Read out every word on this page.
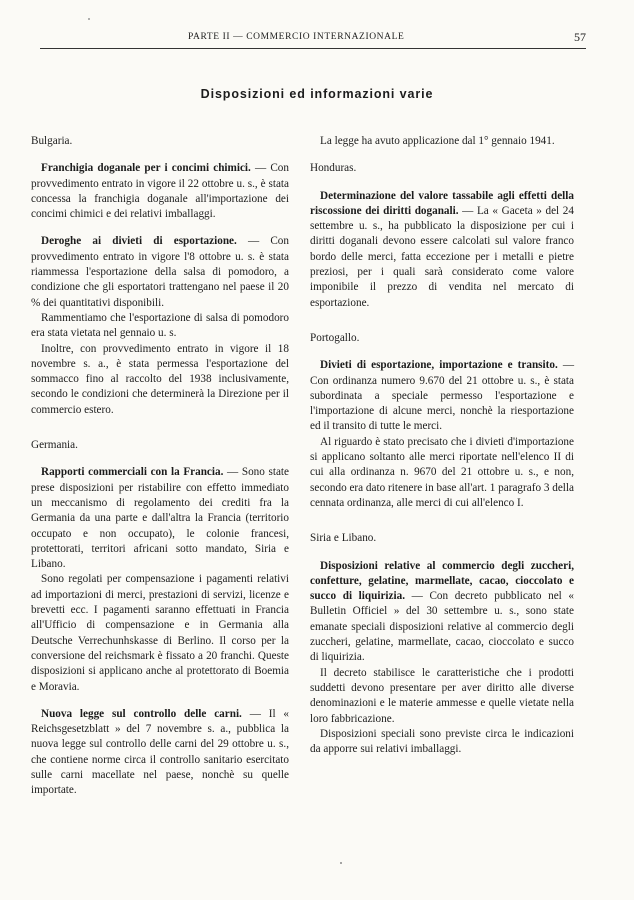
PARTE II — COMMERCIO INTERNAZIONALE	57
Disposizioni ed informazioni varie
Bulgaria.

Franchigia doganale per i concimi chimici. — Con provvedimento entrato in vigore il 22 ottobre u. s., è stata concessa la franchigia doganale all'importazione dei concimi chimici e dei relativi imballaggi.

Deroghe ai divieti di esportazione. — Con provvedimento entrato in vigore l'8 ottobre u. s. è stata riammessa l'esportazione della salsa di pomodoro, a condizione che gli esportatori trattengano nel paese il 20 % dei quantitativi disponibili.

Rammentiamo che l'esportazione di salsa di pomodoro era stata vietata nel gennaio u. s.

Inoltre, con provvedimento entrato in vigore il 18 novembre s. a., è stata permessa l'esportazione del sommacco fino al raccolto del 1938 inclusivamente, secondo le condizioni che determinerà la Direzione per il commercio estero.

Germania.

Rapporti commerciali con la Francia. — Sono state prese disposizioni per ristabilire con effetto immediato un meccanismo di regolamento dei crediti fra la Germania da una parte e dall'altra la Francia (territorio occupato e non occupato), le colonie francesi, protettorati, territori africani sotto mandato, Siria e Libano.

Sono regolati per compensazione i pagamenti relativi ad importazioni di merci, prestazioni di servizi, licenze e brevetti ecc. I pagamenti saranno effettuati in Francia all'Ufficio di compensazione e in Germania alla Deutsche Verrechunhskasse di Berlino. Il corso per la conversione del reichsmark è fissato a 20 franchi. Queste disposizioni si applicano anche al protettorato di Boemia e Moravia.

Nuova legge sul controllo delle carni. — Il « Reichsgesetzblatt » del 7 novembre s. a., pubblica la nuova legge sul controllo delle carni del 29 ottobre u. s., che contiene norme circa il controllo sanitario esercitato sulle carni macellate nel paese, nonchè su quelle importate.

La legge ha avuto applicazione dal 1° gennaio 1941.

Honduras.

Determinazione del valore tassabile agli effetti della riscossione dei diritti doganali. — La « Gaceta » del 24 settembre u. s., ha pubblicato la disposizione per cui i diritti doganali devono essere calcolati sul valore franco bordo delle merci, fatta eccezione per i metalli e pietre preziosi, per i quali sarà considerato come valore imponibile il prezzo di vendita nel mercato di esportazione.

Portogallo.

Divieti di esportazione, importazione e transito. — Con ordinanza numero 9.670 del 21 ottobre u. s., è stata subordinata a speciale permesso l'esportazione e l'importazione di alcune merci, nonchè la riesportazione ed il transito di tutte le merci.

Al riguardo è stato precisato che i divieti d'importazione si applicano soltanto alle merci riportate nell'elenco II di cui alla ordinanza n. 9670 del 21 ottobre u. s., e non, secondo era dato ritenere in base all'art. 1 paragrafo 3 della cennata ordinanza, alle merci di cui all'elenco I.

Siria e Libano.

Disposizioni relative al commercio degli zuccheri, confetture, gelatine, marmellate, cacao, cioccolato e succo di liquirizia. — Con decreto pubblicato nel « Bulletin Officiel » del 30 settembre u. s., sono state emanate speciali disposizioni relative al commercio degli zuccheri, gelatine, marmellate, cacao, cioccolato e succo di liquirizia.

Il decreto stabilisce le caratteristiche che i prodotti suddetti devono presentare per aver diritto alle diverse denominazioni e le materie ammesse e quelle vietate nella loro fabbricazione.

Disposizioni speciali sono previste circa le indicazioni da apporre sui relativi imballaggi.
